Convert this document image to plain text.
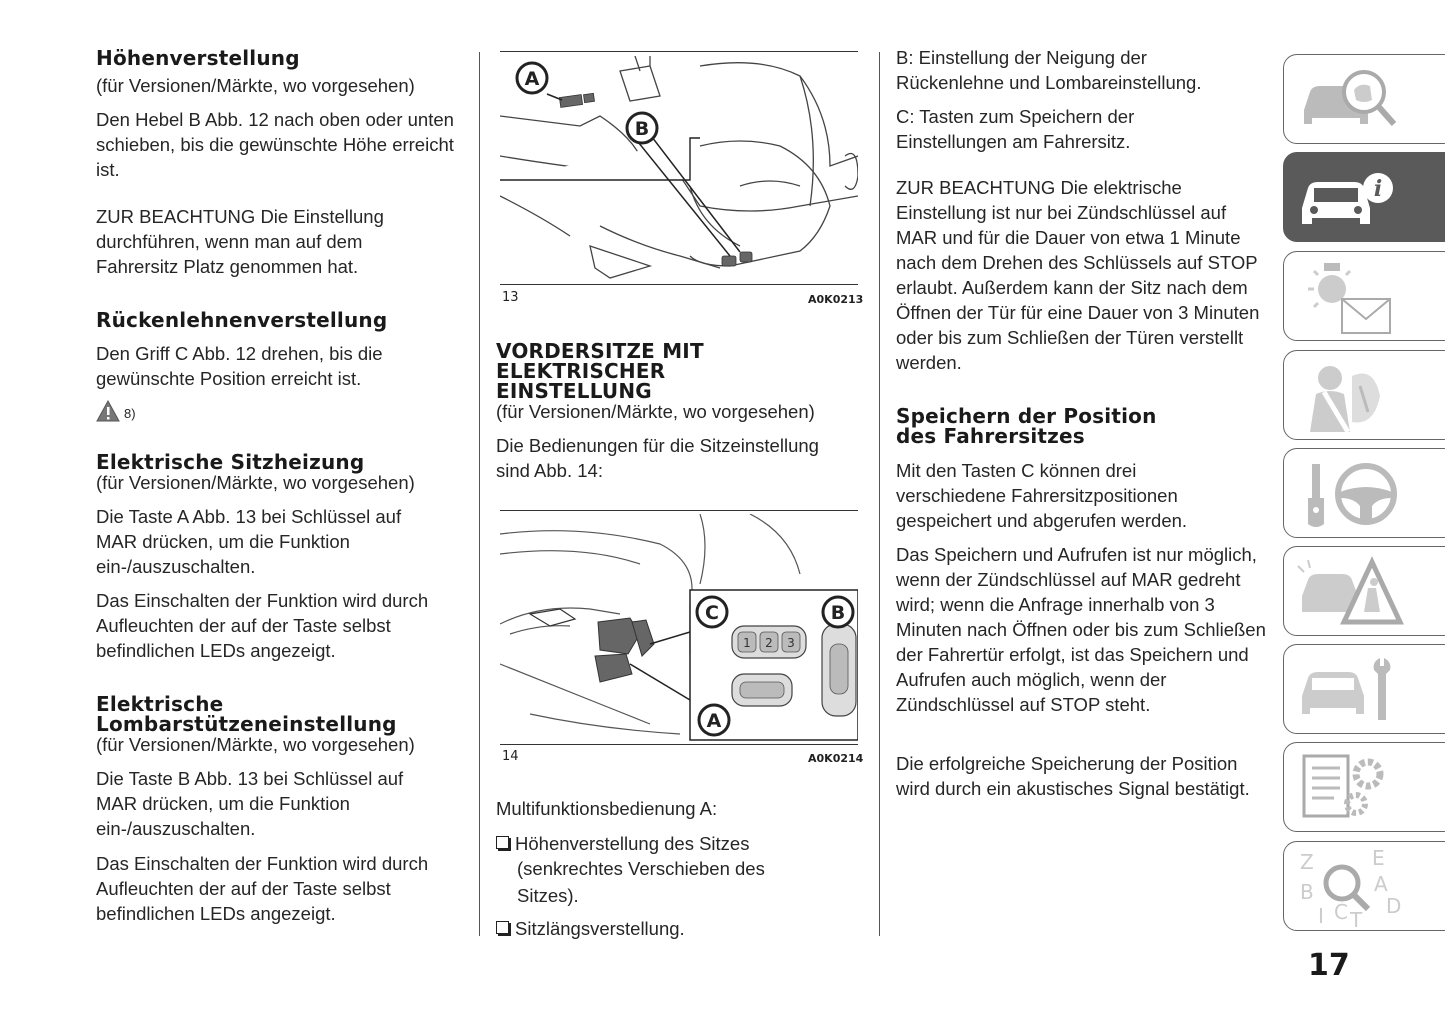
Höhenverstellung

(für Versionen/Märkte, wo vorgesehen)

Den Hebel B Abb. 12 nach oben oder unten schieben, bis die gewünschte Höhe erreicht ist.

ZUR BEACHTUNG Die Einstellung durchführen, wenn man auf dem Fahrersitz Platz genommen hat.

Rückenlehnenverstellung

Den Griff C Abb. 12 drehen, bis die gewünschte Position erreicht ist.

8)

Elektrische Sitzheizung

(für Versionen/Märkte, wo vorgesehen)

Die Taste A Abb. 13 bei Schlüssel auf MAR drücken, um die Funktion ein-/auszuschalten.

Das Einschalten der Funktion wird durch Aufleuchten der auf der Taste selbst befindlichen LEDs angezeigt.

Elektrische

Lombarstützeneinstellung

(für Versionen/Märkte, wo vorgesehen)

Die Taste B Abb. 13 bei Schlüssel auf MAR drücken, um die Funktion ein-/auszuschalten.

Das Einschalten der Funktion wird durch Aufleuchten der auf der Taste selbst befindlichen LEDs angezeigt.

A
B
13	A0K0213

VORDERSITZE MIT

ELEKTRISCHER

EINSTELLUNG

(für Versionen/Märkte, wo vorgesehen)

Die Bedienungen für die Sitzeinstellung sind Abb. 14:

1 2 3
C	B
A
14	A0K0214

Multifunktionsbedienung A:

Höhenverstellung des Sitzes
(senkrechtes Verschieben des
Sitzes).
Sitzlängsverstellung.

B: Einstellung der Neigung der Rückenlehne und Lombareinstellung.

C: Tasten zum Speichern der Einstellungen am Fahrersitz.

ZUR BEACHTUNG Die elektrische Einstellung ist nur bei Zündschlüssel auf MAR und für die Dauer von etwa 1 Minute nach dem Drehen des Schlüssels auf STOP erlaubt. Außerdem kann der Sitz nach dem Öffnen der Tür für eine Dauer von 3 Minuten oder bis zum Schließen der Türen verstellt werden.

Speichern der Position

des Fahrersitzes

Mit den Tasten C können drei verschiedene Fahrersitzpositionen gespeichert und abgerufen werden.

Das Speichern und Aufrufen ist nur möglich, wenn der Zündschlüssel auf MAR gedreht wird; wenn die Anfrage innerhalb von 3 Minuten nach Öffnen oder bis zum Schließen der Fahrertür erfolgt, ist das Speichern und Aufrufen auch möglich, wenn der Zündschlüssel auf STOP steht.

Die erfolgreiche Speicherung der Position wird durch ein akustisches Signal bestätigt.

i
Z	E
A
B
C D
I T
17
